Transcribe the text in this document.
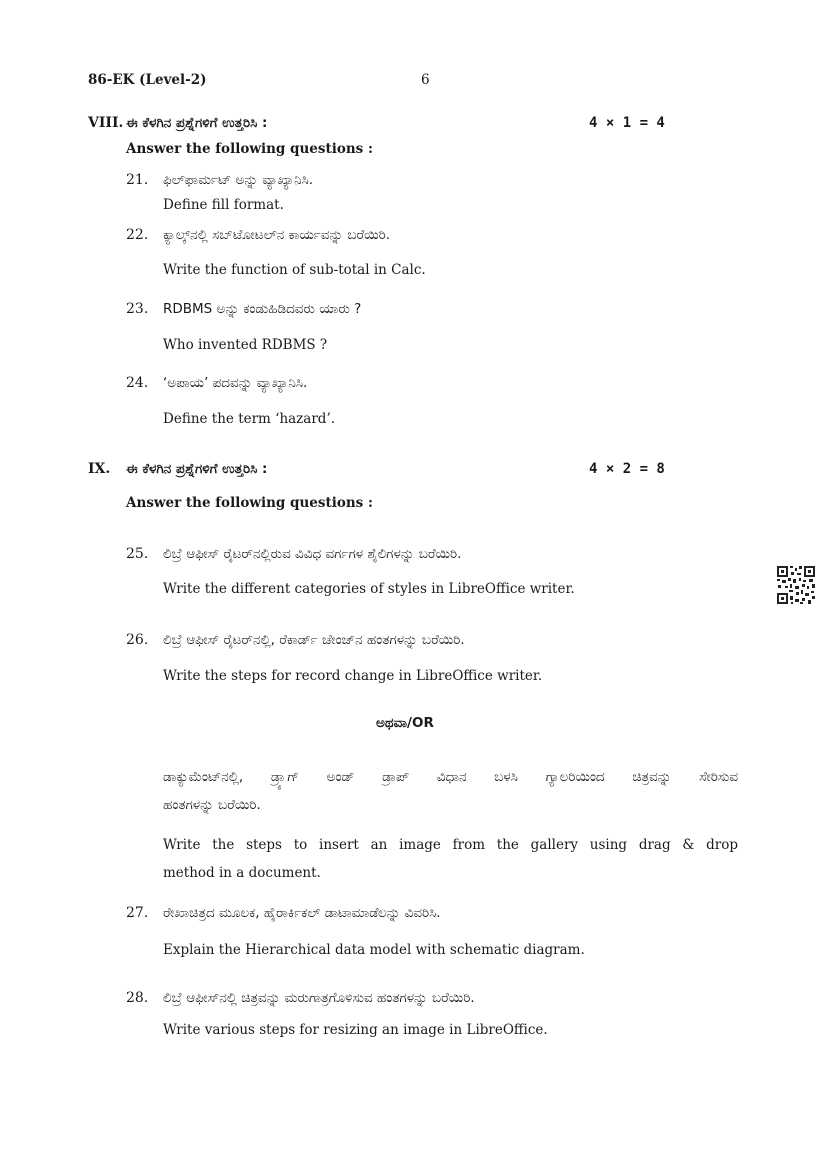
86-EK (Level-2)	6
VIII. ಈ ಕೆಳಗಿನ ಪ್ರಶ್ನೆಗಳಿಗೆ ಉತ್ತರಿಸಿ :	4 × 1 = 4
Answer the following questions :
21. ಫಿಲ್‌ಫಾರ್ಮಟ್ ಅನ್ನು ವ್ಯಾಖ್ಯಾನಿಸಿ.
Define fill format.
22. ಕ್ಯಾಲ್ಕ್‌ನಲ್ಲಿ ಸಬ್‌ಟೋಟಲ್‌ನ ಕಾರ್ಯವನ್ನು ಬರೆಯಿರಿ.
Write the function of sub-total in Calc.
23. RDBMS ಅನ್ನು ಕಂಡುಹಿಡಿದವರು ಯಾರು ?
Who invented RDBMS ?
24. ‘ಅಪಾಯ’ ಪದವನ್ನು ವ್ಯಾಖ್ಯಾನಿಸಿ.
Define the term ‘hazard’.
IX. ಈ ಕೆಳಗಿನ ಪ್ರಶ್ನೆಗಳಿಗೆ ಉತ್ತರಿಸಿ :	4 × 2 = 8
Answer the following questions :
25. ಲಿಬ್ರೆ ಆಫೀಸ್ ರೈಟರ್‌ನಲ್ಲಿರುವ ವಿವಿಧ ವರ್ಗಗಳ ಶೈಲಿಗಳನ್ನು ಬರೆಯಿರಿ.
Write the different categories of styles in LibreOffice writer.
26. ಲಿಬ್ರೆ ಆಫೀಸ್ ರೈಟರ್‌ನಲ್ಲಿ, ರೆಕಾರ್ಡ್ ಚೇಂಜ್‌ನ ಹಂತಗಳನ್ನು ಬರೆಯಿರಿ.
Write the steps for record change in LibreOffice writer.
ಅಥವಾ/OR
ಡಾಕ್ಯುಮೆಂಟ್‌ನಲ್ಲಿ, ಡ್ರ್ಯಾಗ್ ಅಂಡ್ ಡ್ರಾಪ್ ವಿಧಾನ ಬಳಸಿ ಗ್ಯಾಲರಿಯಿಂದ ಚಿತ್ರವನ್ನು ಸೇರಿಸುವ
ಹಂತಗಳನ್ನು ಬರೆಯಿರಿ.
Write the steps to insert an image from the gallery using drag & drop
method in a document.
27. ರೇಖಾಚಿತ್ರದ ಮೂಲಕ, ಹೈರಾರ್ಕಿಕಲ್ ಡಾಟಾಮಾಡೆಲನ್ನು ವಿವರಿಸಿ.
Explain the Hierarchical data model with schematic diagram.
28. ಲಿಬ್ರೆ ಆಫೀಸ್‌ನಲ್ಲಿ ಚಿತ್ರವನ್ನು ಮರುಗಾತ್ರಗೊಳಿಸುವ ಹಂತಗಳನ್ನು ಬರೆಯಿರಿ.
Write various steps for resizing an image in LibreOffice.
